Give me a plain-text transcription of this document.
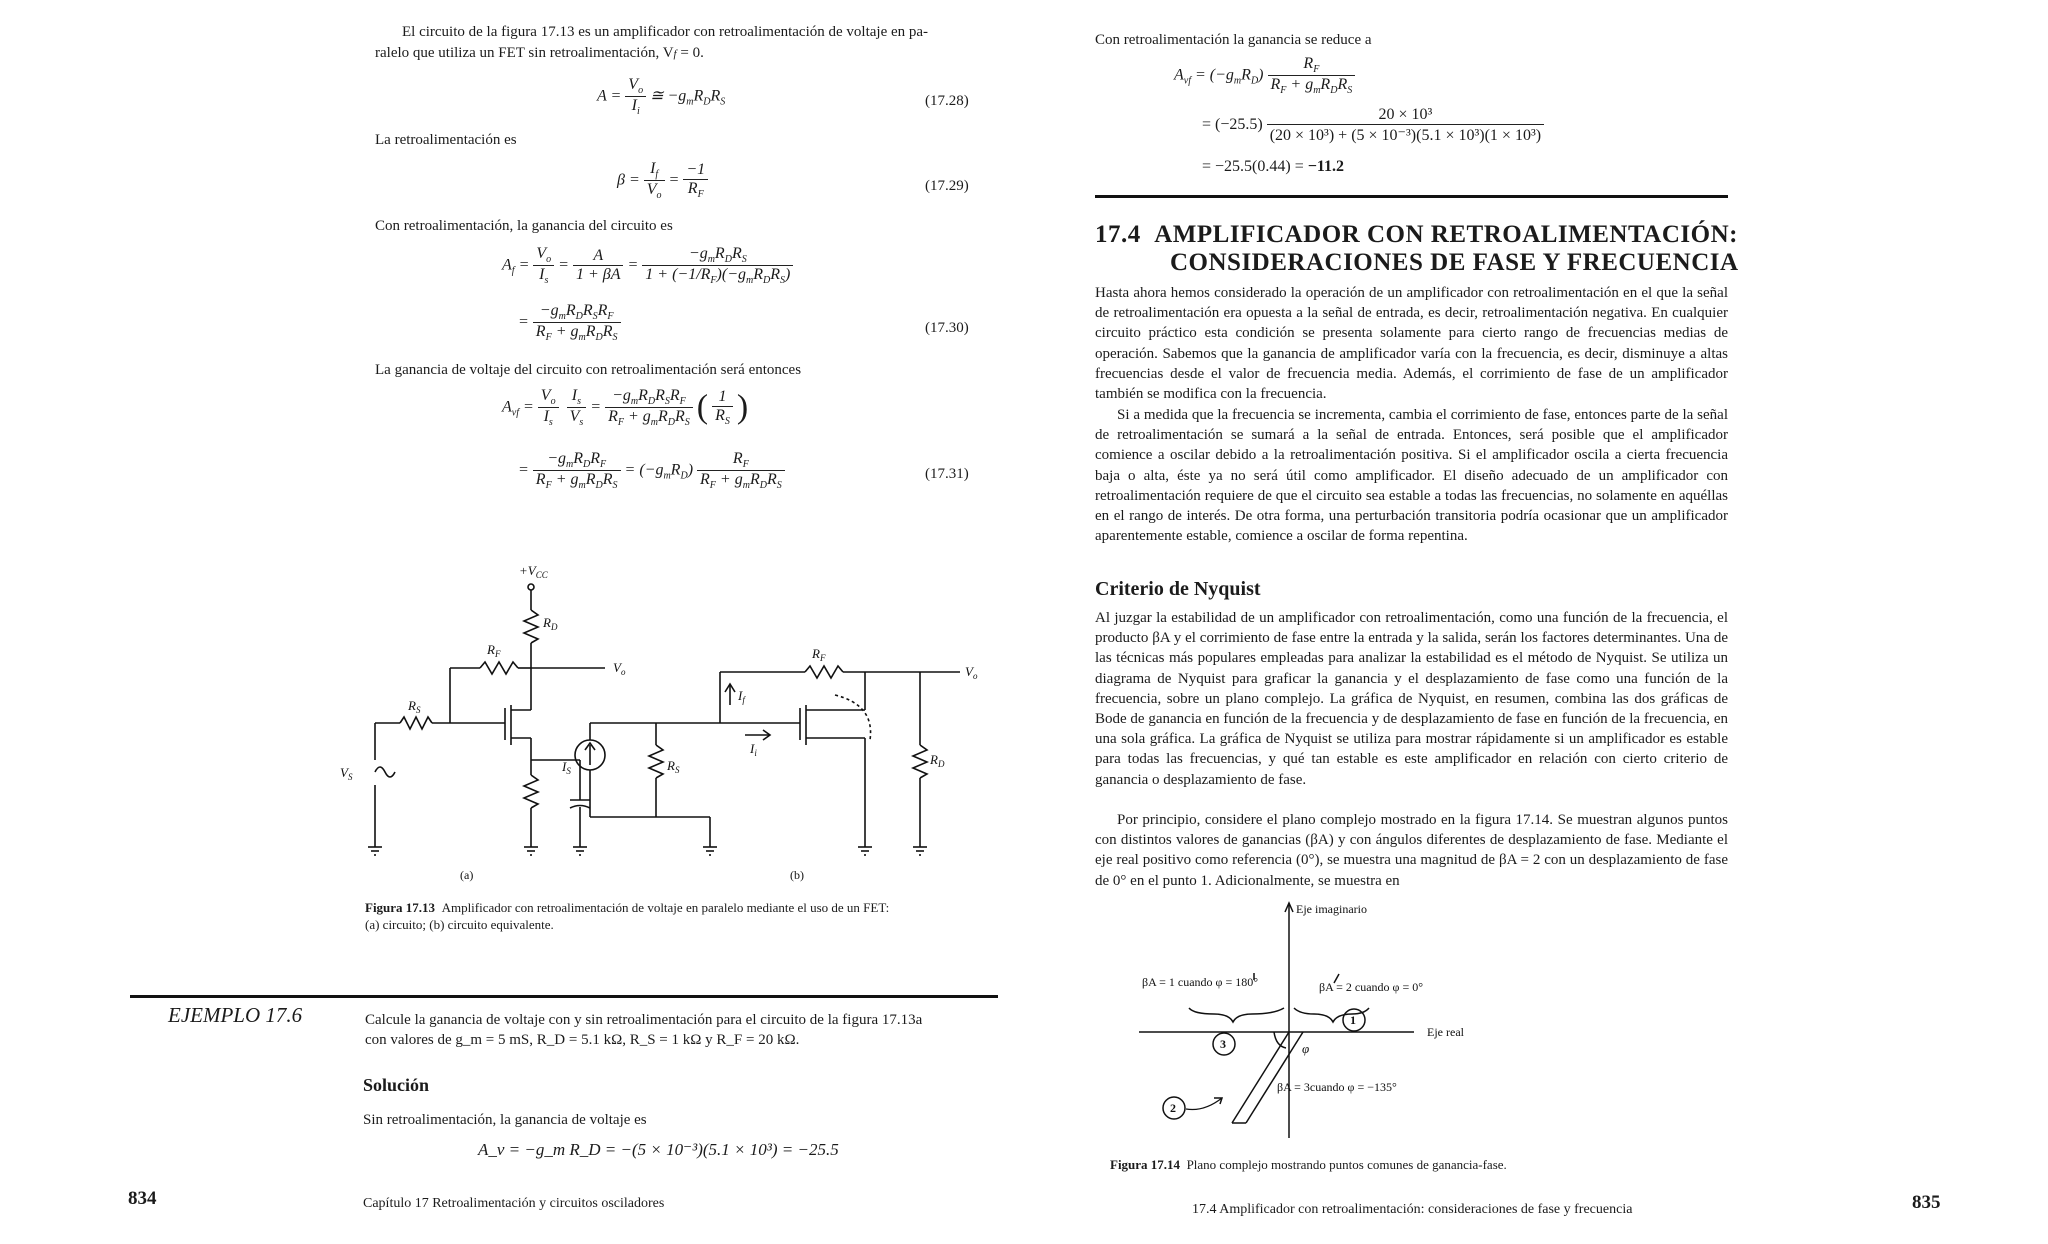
El circuito de la figura 17.13 es un amplificador con retroalimentación de voltaje en pa-
ralelo que utiliza un FET sin retroalimentación, Vf = 0.
$A = \frac{V_o}{I_i}$ ≅ $-g_mR_DR_S$	(17.28)
La retroalimentación es
$\beta = \frac{I_f}{V_o} = \frac{-1}{R_F}$	(17.29)
Con retroalimentación, la ganancia del circuito es
$A_f = \frac{V_o}{I_s} = \frac{A}{1 + \beta A} = \frac{-g_mR_DR_S}{1 + (-1/R_F)(-g_mR_DR_S)}$
= $\frac{-g_mR_DR_SR_F}{R_F + g_mR_DR_S}$	(17.30)
La ganancia de voltaje del circuito con retroalimentación será entonces
$A_{vf} = \frac{V_o}{I_s} \frac{I_s}{V_s} = \frac{-g_mR_DR_SR_F}{R_F + g_mR_DR_S}$ ( $\frac{1}{R_S}$ )
= $\frac{-g_mR_DR_F}{R_F + g_mR_DR_S} = (-g_mR_D) \frac{R_F}{R_F + g_mR_DR_S}$	(17.31)
$+V_{CC}$
$R_D$
$R_F$
$V_o$
$R_S$
$V_S$
(a)
$R_F$
$V_o$
$I_f$
$I_i$
$I_S$	$R_S$
$R_D$
(b)
Figura 17.13 Amplificador con retroalimentación de voltaje en paralelo mediante el uso de un FET:
(a) circuito; (b) circuito equivalente.
EJEMPLO 17.6	Calcule la ganancia de voltaje con y sin retroalimentación para el circuito de la figura 17.13a
con valores de g_m = 5 mS, R_D = 5.1 kΩ, R_S = 1 kΩ y R_F = 20 kΩ.
Solución
Sin retroalimentación, la ganancia de voltaje es
A_v = −g_m R_D = −(5 × 10⁻³)(5.1 × 10³) = −25.5
834	Capítulo 17 Retroalimentación y circuitos osciladores
Con retroalimentación la ganancia se reduce a
$A_{vf} = (-g_mR_D) \frac{R_F}{R_F + g_mR_DR_S}$
= $(-25.5) \frac{\text{20 × 10³}}{\text{(20 × 10³) + (5 × 10⁻³)(5.1 × 10³)(1 × 10³)}}$
= −25.5(0.44) = −11.2
17.4 AMPLIFICADOR CON RETROALIMENTACIÓN:
CONSIDERACIONES DE FASE Y FRECUENCIA
Hasta ahora hemos considerado la operación de un amplificador con retroalimentación en el que la señal de retroalimentación era opuesta a la señal de entrada, es decir, retroalimentación negativa. En cualquier circuito práctico esta condición se presenta solamente para cierto rango de frecuencias medias de operación. Sabemos que la ganancia de amplificador varía con la frecuencia, es decir, disminuye a altas frecuencias desde el valor de frecuencia media. Además, el corrimiento de fase de un amplificador también se modifica con la frecuencia.
Si a medida que la frecuencia se incrementa, cambia el corrimiento de fase, entonces parte de la señal de retroalimentación se sumará a la señal de entrada. Entonces, será posible que el amplificador comience a oscilar debido a la retroalimentación positiva. Si el amplificador oscila a cierta frecuencia baja o alta, éste ya no será útil como amplificador. El diseño adecuado de un amplificador con retroalimentación requiere de que el circuito sea estable a todas las frecuencias, no solamente en aquéllas en el rango de interés. De otra forma, una perturbación transitoria podría ocasionar que un amplificador aparentemente estable, comience a oscilar de forma repentina.
Criterio de Nyquist
Al juzgar la estabilidad de un amplificador con retroalimentación, como una función de la frecuencia, el producto βA y el corrimiento de fase entre la entrada y la salida, serán los factores determinantes. Una de las técnicas más populares empleadas para analizar la estabilidad es el método de Nyquist. Se utiliza un diagrama de Nyquist para graficar la ganancia y el desplazamiento de fase como una función de la frecuencia, sobre un plano complejo. La gráfica de Nyquist, en resumen, combina las dos gráficas de Bode de ganancia en función de la frecuencia y de desplazamiento de fase en función de la frecuencia, en una sola gráfica. La gráfica de Nyquist se utiliza para mostrar rápidamente si un amplificador es estable para todas las frecuencias, y qué tan estable es este amplificador en relación con cierto criterio de ganancia o desplazamiento de fase.
Por principio, considere el plano complejo mostrado en la figura 17.14. Se muestran algunos puntos con distintos valores de ganancias (βA) y con ángulos diferentes de desplazamiento de fase. Mediante el eje real positivo como referencia (0°), se muestra una magnitud de βA = 2 con un desplazamiento de fase de 0° en el punto 1. Adicionalmente, se muestra en
1
3
2
Eje imaginario
Eje real
βA = 1 cuando φ = 180°	βA = 2 cuando φ = 0°
βA = 3cuando φ = −135°
φ
Figura 17.14 Plano complejo mostrando puntos comunes de ganancia-fase.
17.4 Amplificador con retroalimentación: consideraciones de fase y frecuencia	835
